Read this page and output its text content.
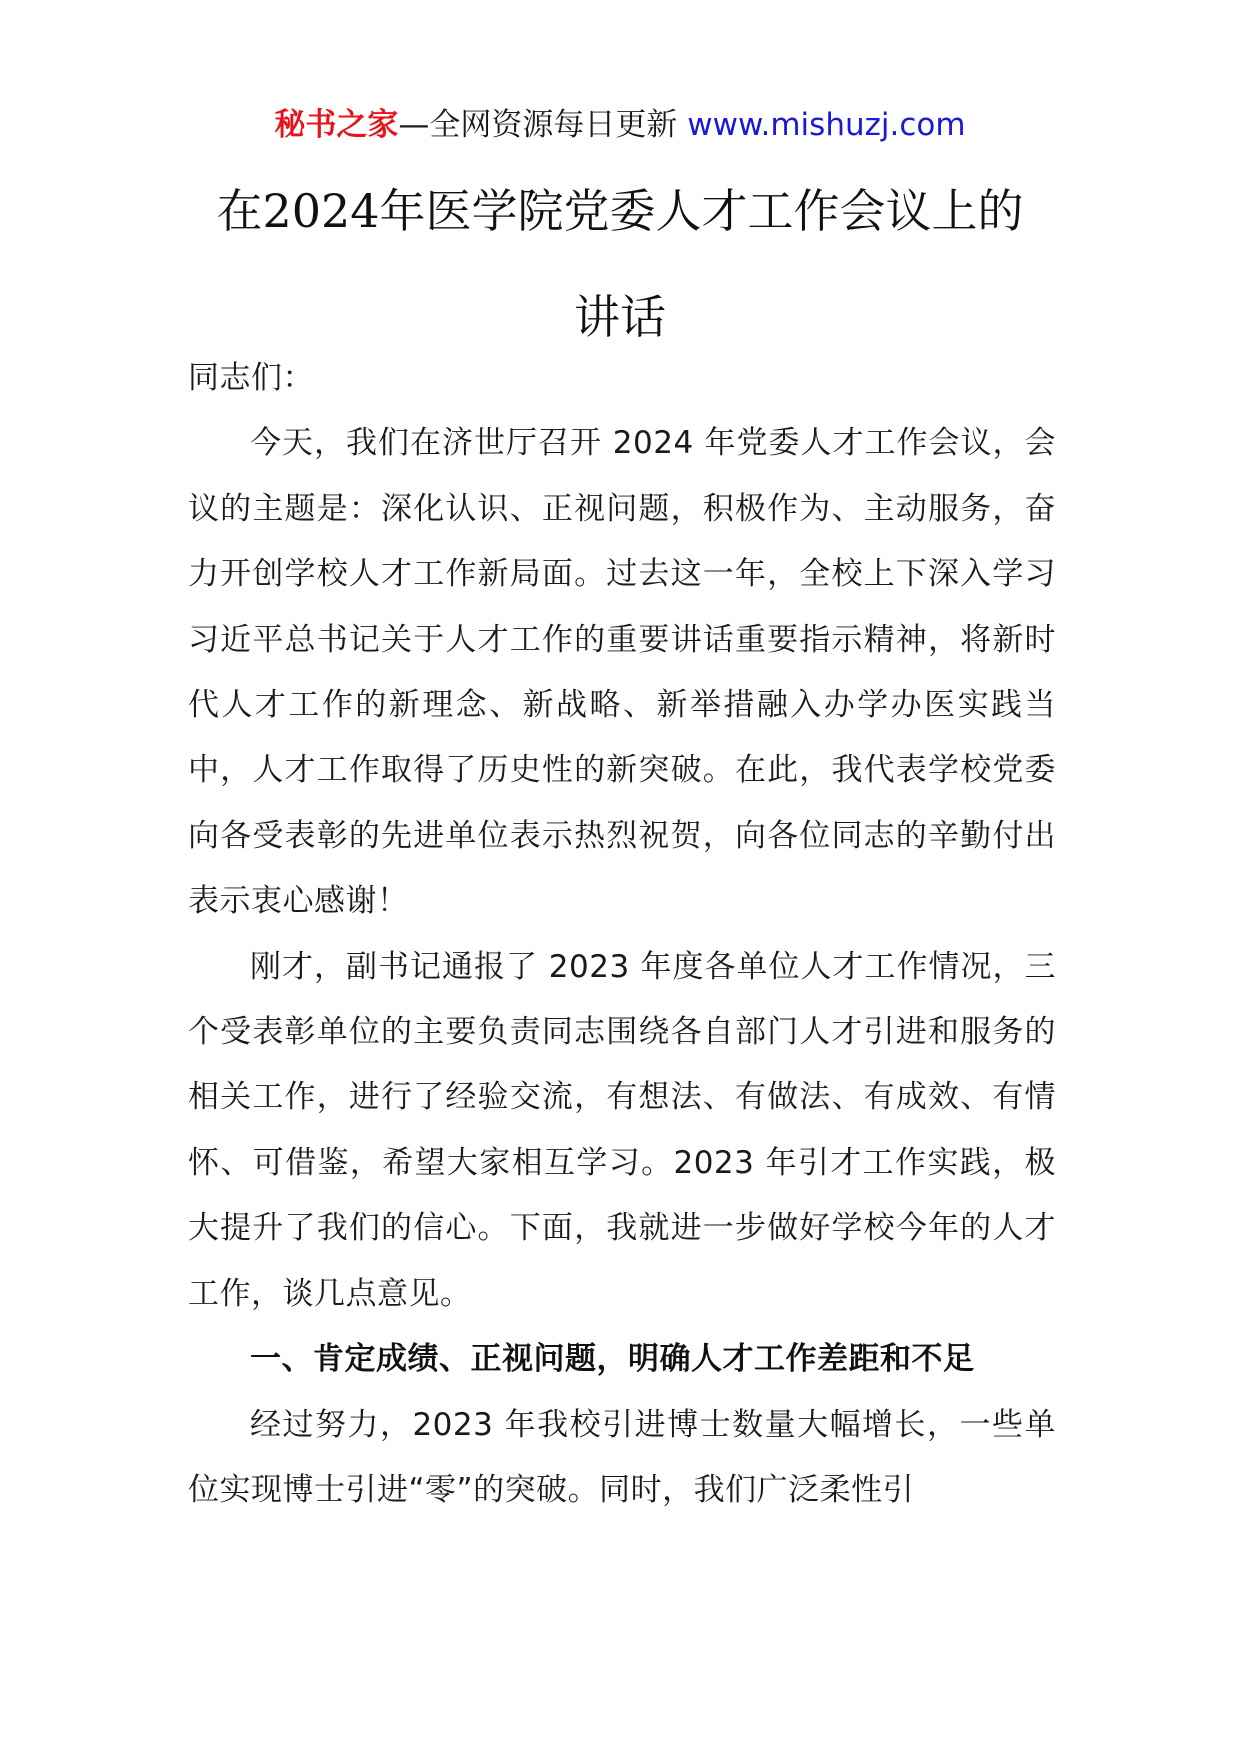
秘书之家—全网资源每日更新 www.mishuzj.com
在2024年医学院党委人才工作会议上的
讲话

同志们：

今天，我们在济世厅召开 2024 年党委人才工作会议，会议的主题是：深化认识、正视问题，积极作为、主动服务，奋力开创学校人才工作新局面。过去这一年，全校上下深入学习习近平总书记关于人才工作的重要讲话重要指示精神，将新时代人才工作的新理念、新战略、新举措融入办学办医实践当中，人才工作取得了历史性的新突破。在此，我代表学校党委向各受表彰的先进单位表示热烈祝贺，向各位同志的辛勤付出表示衷心感谢！

刚才，副书记通报了 2023 年度各单位人才工作情况，三个受表彰单位的主要负责同志围绕各自部门人才引进和服务的相关工作，进行了经验交流，有想法、有做法、有成效、有情怀、可借鉴，希望大家相互学习。2023 年引才工作实践，极大提升了我们的信心。下面，我就进一步做好学校今年的人才工作，谈几点意见。

一、肯定成绩、正视问题，明确人才工作差距和不足

经过努力，2023 年我校引进博士数量大幅增长，一些单位实现博士引进“零”的突破。同时，我们广泛柔性引
